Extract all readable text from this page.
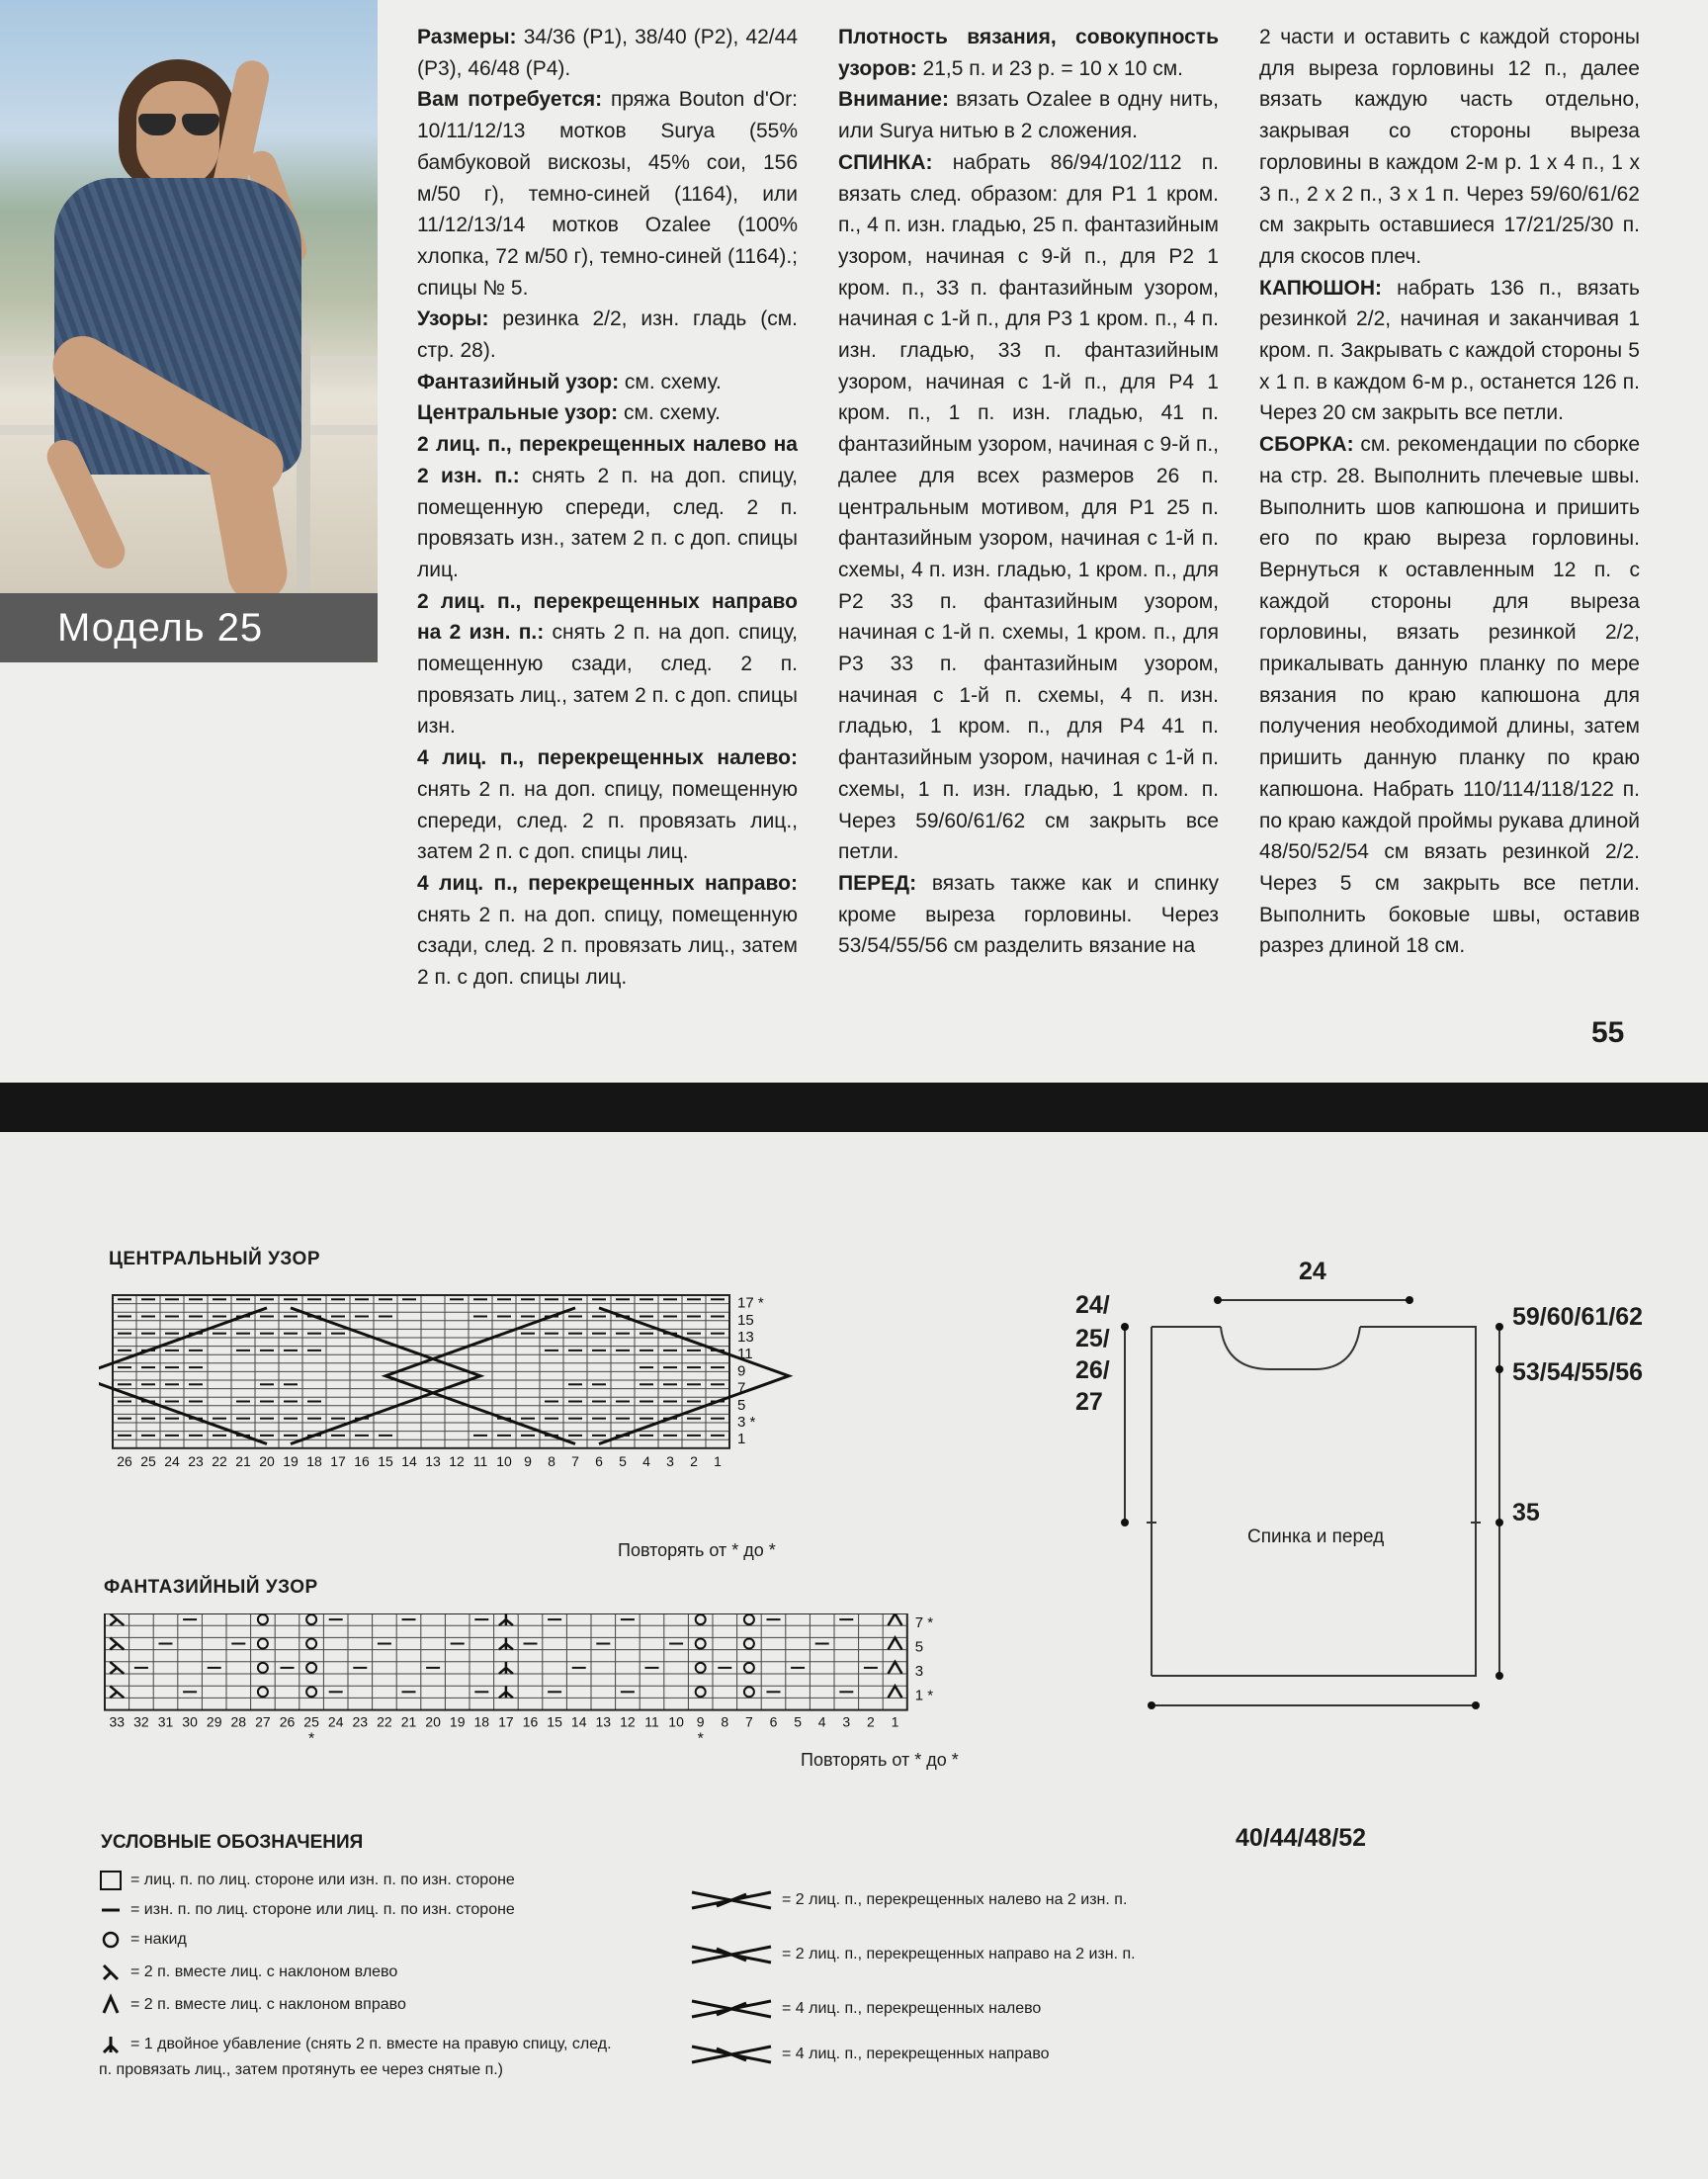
Модель 25

Размеры: 34/36 (Р1), 38/40 (Р2), 42/44 (Р3), 46/48 (Р4).

Вам потребуется: пряжа Bouton d'Or: 10/11/12/13 мотков Surya (55% бамбуковой вискозы, 45% сои, 156 м/50 г), темно-синей (1164), или 11/12/13/14 мотков Ozalee (100% хлопка, 72 м/50 г), темно-синей (1164).; спицы № 5.

Узоры: резинка 2/2, изн. гладь (см. стр. 28).

Фантазийный узор: см. схему.

Центральные узор: см. схему.

2 лиц. п., перекрещенных налево на 2 изн. п.: снять 2 п. на доп. спицу, помещенную спереди, след. 2 п. провязать изн., затем 2 п. с доп. спицы лиц.

2 лиц. п., перекрещенных направо на 2 изн. п.: снять 2 п. на доп. спицу, помещенную сзади, след. 2 п. провязать лиц., затем 2 п. с доп. спицы изн.

4 лиц. п., перекрещенных налево: снять 2 п. на доп. спицу, помещенную спереди, след. 2 п. провязать лиц., затем 2 п. с доп. спицы лиц.

4 лиц. п., перекрещенных направо: снять 2 п. на доп. спицу, помещенную сзади, след. 2 п. провязать лиц., затем 2 п. с доп. спицы лиц.

Плотность вязания, совокупность узоров: 21,5 п. и 23 р. = 10 х 10 см.

Внимание: вязать Ozalee в одну нить, или Surya нитью в 2 сложения.

СПИНКА: набрать 86/94/102/112 п. вязать след. образом: для Р1 1 кром. п., 4 п. изн. гладью, 25 п. фантазийным узором, начиная с 9-й п., для Р2 1 кром. п., 33 п. фантазийным узором, начиная с 1-й п., для Р3 1 кром. п., 4 п. изн. гладью, 33 п. фантазийным узором, начиная с 1-й п., для Р4 1 кром. п., 1 п. изн. гладью, 41 п. фантазийным узором, начиная с 9-й п., далее для всех размеров 26 п. центральным мотивом, для Р1 25 п. фантазийным узором, начиная с 1-й п. схемы, 4 п. изн. гладью, 1 кром. п., для Р2 33 п. фантазийным узором, начиная с 1-й п. схемы, 1 кром. п., для Р3 33 п. фантазийным узором, начиная с 1-й п. схемы, 4 п. изн. гладью, 1 кром. п., для Р4 41 п. фантазийным узором, начиная с 1-й п. схемы, 1 п. изн. гладью, 1 кром. п. Через 59/60/61/62 см закрыть все петли.

ПЕРЕД: вязать также как и спинку кроме выреза горловины. Через 53/54/55/56 см разделить вязание на

2 части и оставить с каждой стороны для выреза горловины 12 п., далее вязать каждую часть отдельно, закрывая со стороны выреза горловины в каждом 2-м р. 1 х 4 п., 1 х 3 п., 2 х 2 п., 3 х 1 п. Через 59/60/61/62 см закрыть оставшиеся 17/21/25/30 п. для скосов плеч.

КАПЮШОН: набрать 136 п., вязать резинкой 2/2, начиная и заканчивая 1 кром. п. Закрывать с каждой стороны 5 х 1 п. в каждом 6-м р., останется 126 п. Через 20 см закрыть все петли.

СБОРКА: см. рекомендации по сборке на стр. 28. Выполнить плечевые швы. Выполнить шов капюшона и пришить его по краю выреза горловины. Вернуться к оставленным 12 п. с каждой стороны для выреза горловины, вязать резинкой 2/2, прикалывать данную планку по мере вязания по краю капюшона для получения необходимой длины, затем пришить данную планку по краю капюшона. Набрать 110/114/118/122 п. по краю каждой проймы рукава длиной 48/50/52/54 см вязать резинкой 2/2. Через 5 см закрыть все петли. Выполнить боковые швы, оставив разрез длиной 18 см.

55
ЦЕНТРАЛЬНЫЙ УЗОР
17 *
15
13
11
9
7
5
3 *
1
26 25 24 23 22 21 20 19 18 17 16 15 14 13 12 11 10 9 8 7 6 5 4 3 2 1
Повторять от * до *
ФАНТАЗИЙНЫЙ УЗОР
7 *
5
3
1 *
33 32 31 30 29 28 27 26 25 24 23 22 21 20 19 18 17 16 15 14 13 12 11 10 9 8 7 6 5 4 3 2 1
*	*
Повторять от * до *
УСЛОВНЫЕ ОБОЗНАЧЕНИЯ
= лиц. п. по лиц. стороне или изн. п. по изн. стороне
= изн. п. по лиц. стороне или лиц. п. по изн. стороне
= накид
= 2 п. вместе лиц. с наклоном влево
= 2 п. вместе лиц. с наклоном вправо
= 1 двойное убавление (снять 2 п. вместе на правую спицу, след. п. провязать лиц., затем протянуть ее через снятые п.)
= 2 лиц. п., перекрещенных налево на 2 изн. п.
= 2 лиц. п., перекрещенных направо на 2 изн. п.
= 4 лиц. п., перекрещенных налево
= 4 лиц. п., перекрещенных направо
24
24/
25/
26/
27
59/60/61/62
53/54/55/56
35
Спинка и перед
40/44/48/52
